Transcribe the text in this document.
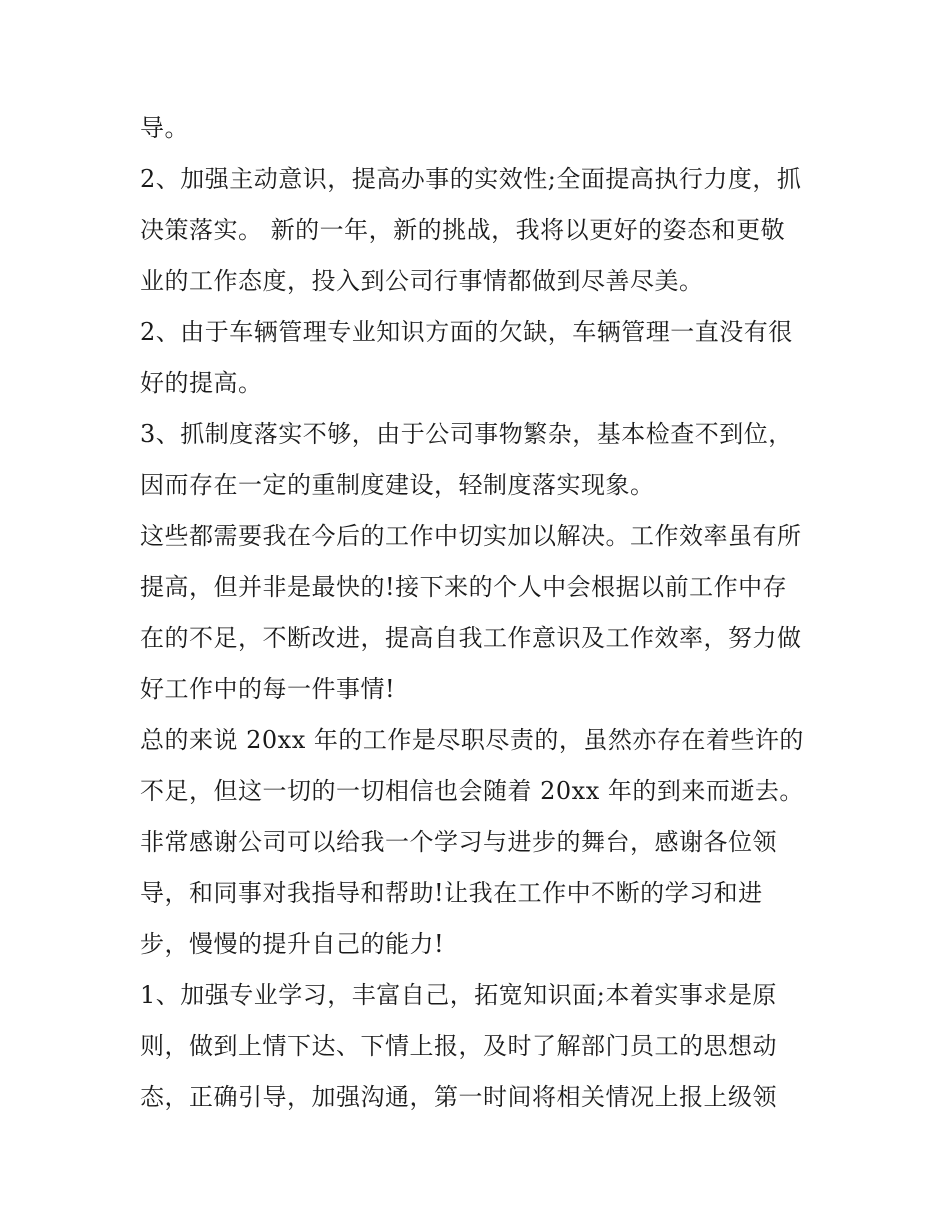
导。
2、加强主动意识，提高办事的实效性;全面提高执行力度，抓
决策落实。 新的一年，新的挑战，我将以更好的姿态和更敬
业的工作态度，投入到公司行事情都做到尽善尽美。
2、由于车辆管理专业知识方面的欠缺，车辆管理一直没有很
好的提高。
3、抓制度落实不够，由于公司事物繁杂，基本检查不到位，
因而存在一定的重制度建设，轻制度落实现象。
这些都需要我在今后的工作中切实加以解决。工作效率虽有所
提高，但并非是最快的!接下来的个人中会根据以前工作中存
在的不足，不断改进，提高自我工作意识及工作效率，努力做
好工作中的每一件事情!
总的来说 20xx 年的工作是尽职尽责的，虽然亦存在着些许的
不足，但这一切的一切相信也会随着 20xx 年的到来而逝去。
非常感谢公司可以给我一个学习与进步的舞台，感谢各位领
导，和同事对我指导和帮助!让我在工作中不断的学习和进
步，慢慢的提升自己的能力!
1、加强专业学习，丰富自己，拓宽知识面;本着实事求是原
则，做到上情下达、下情上报，及时了解部门员工的思想动
态，正确引导，加强沟通，第一时间将相关情况上报上级领
